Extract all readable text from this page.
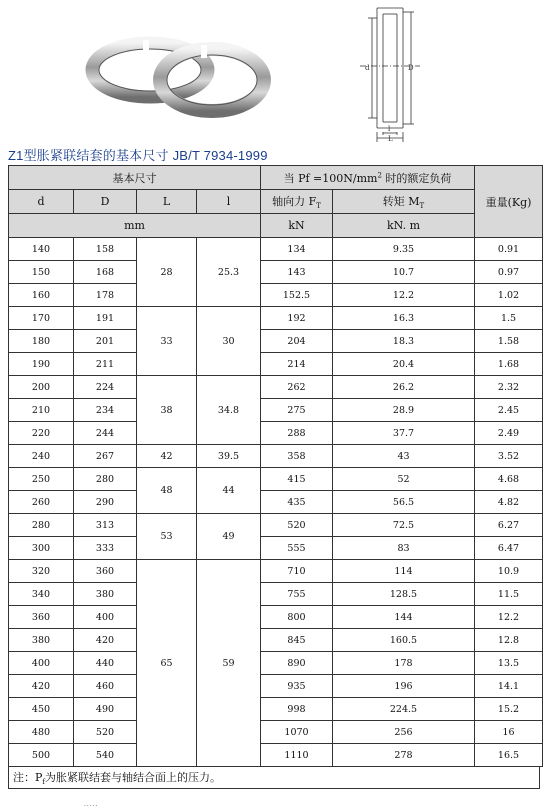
d	D
L
l
Z1型胀紧联结套的基本尺寸 JB/T 7934-1999
基本尺寸				当 $Pf =100N/mm^2$ 时的额定负荷		重量(Kg)
d	D	L	l	轴向力 $F_T$	转矩 $M_T$
mm				kN	kN. m	
140	158	28	25.3	134	9.35	0.91
150	168			143	10.7	0.97
160	178			152.5	12.2	1.02
170	191	33	30	192	16.3	1.5
180	201			204	18.3	1.58
190	211			214	20.4	1.68
200	224	38	34.8	262	26.2	2.32
210	234			275	28.9	2.45
220	244			288	37.7	2.49
240	267	42	39.5	358	43	3.52
250	280	48	44	415	52	4.68
260	290			435	56.5	4.82
280	313	53	49	520	72.5	6.27
300	333			555	83	6.47
320	360	65	59	710	114	10.9
340	380			755	128.5	11.5
360	400			800	144	12.2
380	420			845	160.5	12.8
400	440			890	178	13.5
420	460			935	196	14.1
450	490			998	224.5	15.2
480	520			1070	256	16
500	540			1110	278	16.5
注：$P_f$为胀紧联结套与轴结合面上的压力。
·····
